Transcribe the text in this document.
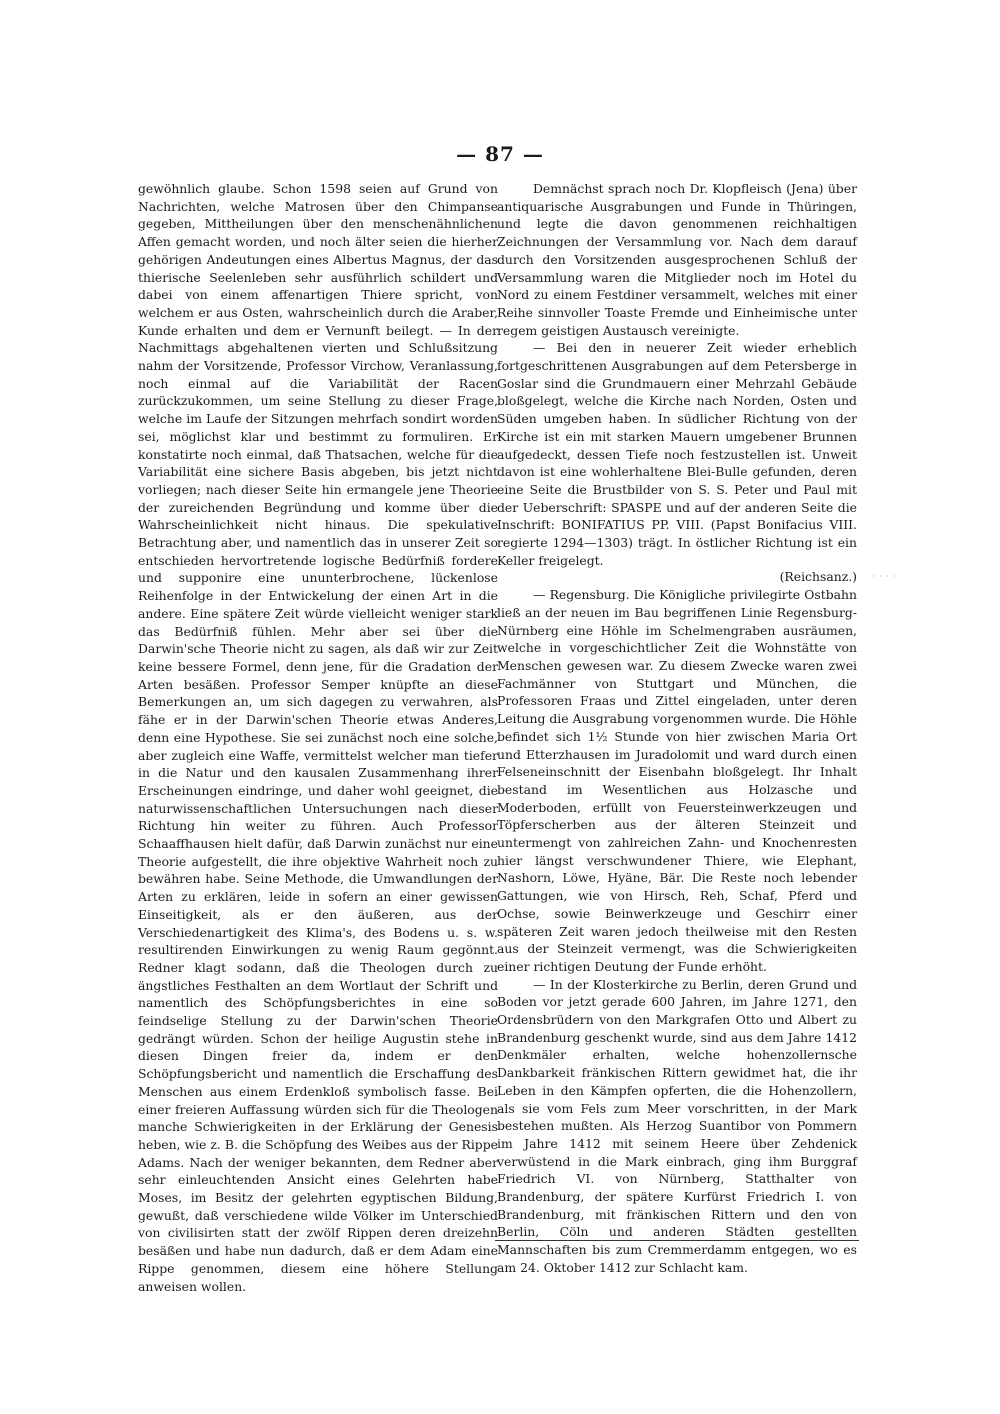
— 87 —

gewöhnlich glaube. Schon 1598 seien auf Grund von Nachrichten, welche Matrosen über den Chimpanse gegeben, Mittheilungen über den menschenähnlichen Affen gemacht worden, und noch älter seien die hierher gehörigen Andeutungen eines Albertus Magnus, der das thierische Seelenleben sehr ausführlich schildert und dabei von einem affenartigen Thiere spricht, von welchem er aus Osten, wahrscheinlich durch die Araber, Kunde erhalten und dem er Vernunft beilegt. — In der Nachmittags abgehaltenen vierten und Schlußsitzung nahm der Vorsitzende, Professor Virchow, Veranlassung, noch einmal auf die Variabilität der Racen zurückzukommen, um seine Stellung zu dieser Frage, welche im Laufe der Sitzungen mehrfach sondirt worden sei, möglichst klar und bestimmt zu formuliren. Er konstatirte noch einmal, daß Thatsachen, welche für die Variabilität eine sichere Basis abgeben, bis jetzt nicht vorliegen; nach dieser Seite hin ermangele jene Theorie der zureichenden Begründung und komme über die Wahrscheinlichkeit nicht hinaus. Die spekulative Betrachtung aber, und namentlich das in unserer Zeit so entschieden hervortretende logische Bedürfniß fordere und supponire eine ununterbrochene, lückenlose Reihenfolge in der Entwickelung der einen Art in die andere. Eine spätere Zeit würde vielleicht weniger stark das Bedürfniß fühlen. Mehr aber sei über die Darwin'sche Theorie nicht zu sagen, als daß wir zur Zeit keine bessere Formel, denn jene, für die Gradation der Arten besäßen. Professor Semper knüpfte an diese Bemerkungen an, um sich dagegen zu verwahren, als fähe er in der Darwin'schen Theorie etwas Anderes, denn eine Hypothese. Sie sei zunächst noch eine solche, aber zugleich eine Waffe, vermittelst welcher man tiefer in die Natur und den kausalen Zusammenhang ihrer Erscheinungen eindringe, und daher wohl geeignet, die naturwissenschaftlichen Untersuchungen nach dieser Richtung hin weiter zu führen. Auch Professor Schaaffhausen hielt dafür, daß Darwin zunächst nur eine Theorie aufgestellt, die ihre objektive Wahrheit noch zu bewähren habe. Seine Methode, die Umwandlungen der Arten zu erklären, leide in sofern an einer gewissen Einseitigkeit, als er den äußeren, aus der Verschiedenartigkeit des Klima's, des Bodens u. s. w. resultirenden Einwirkungen zu wenig Raum gegönnt. Redner klagt sodann, daß die Theologen durch zu ängstliches Festhalten an dem Wortlaut der Schrift und namentlich des Schöpfungsberichtes in eine so feindselige Stellung zu der Darwin'schen Theorie gedrängt würden. Schon der heilige Augustin stehe in diesen Dingen freier da, indem er den Schöpfungsbericht und namentlich die Erschaffung des Menschen aus einem Erdenkloß symbolisch fasse. Bei einer freieren Auffassung würden sich für die Theologen manche Schwierigkeiten in der Erklärung der Genesis heben, wie z. B. die Schöpfung des Weibes aus der Rippe Adams. Nach der weniger bekannten, dem Redner aber sehr einleuchtenden Ansicht eines Gelehrten habe Moses, im Besitz der gelehrten egyptischen Bildung, gewußt, daß verschiedene wilde Völker im Unterschied von civilisirten statt der zwölf Rippen deren dreizehn besäßen und habe nun dadurch, daß er dem Adam eine Rippe genommen, diesem eine höhere Stellung anweisen wollen.

Demnächst sprach noch Dr. Klopfleisch (Jena) über antiquarische Ausgrabungen und Funde in Thüringen, und legte die davon genommenen reichhaltigen Zeichnungen der Versammlung vor. Nach dem darauf durch den Vorsitzenden ausgesprochenen Schluß der Versammlung waren die Mitglieder noch im Hotel du Nord zu einem Festdiner versammelt, welches mit einer Reihe sinnvoller Toaste Fremde und Einheimische unter regem geistigen Austausch vereinigte.

— Bei den in neuerer Zeit wieder erheblich fortgeschrittenen Ausgrabungen auf dem Petersberge in Goslar sind die Grundmauern einer Mehrzahl Gebäude bloßgelegt, welche die Kirche nach Norden, Osten und Süden umgeben haben. In südlicher Richtung von der Kirche ist ein mit starken Mauern umgebener Brunnen aufgedeckt, dessen Tiefe noch festzustellen ist. Unweit davon ist eine wohlerhaltene Blei-Bulle gefunden, deren eine Seite die Brustbilder von S. S. Peter und Paul mit der Ueberschrift: SPASPE und auf der anderen Seite die Inschrift: BONIFATIUS PP. VIII. (Papst Bonifacius VIII. regierte 1294—1303) trägt. In östlicher Richtung ist ein Keller freigelegt.

(Reichsanz.)

— Regensburg. Die Königliche privilegirte Ostbahn ließ an der neuen im Bau begriffenen Linie Regensburg-Nürnberg eine Höhle im Schelmengraben ausräumen, welche in vorgeschichtlicher Zeit die Wohnstätte von Menschen gewesen war. Zu diesem Zwecke waren zwei Fachmänner von Stuttgart und München, die Professoren Fraas und Zittel eingeladen, unter deren Leitung die Ausgrabung vorgenommen wurde. Die Höhle befindet sich 1½ Stunde von hier zwischen Maria Ort und Etterzhausen im Juradolomit und ward durch einen Felseneinschnitt der Eisenbahn bloßgelegt. Ihr Inhalt bestand im Wesentlichen aus Holzasche und Moderboden, erfüllt von Feuersteinwerkzeugen und Töpferscherben aus der älteren Steinzeit und untermengt von zahlreichen Zahn- und Knochenresten hier längst verschwundener Thiere, wie Elephant, Nashorn, Löwe, Hyäne, Bär. Die Reste noch lebender Gattungen, wie von Hirsch, Reh, Schaf, Pferd und Ochse, sowie Beinwerkzeuge und Geschirr einer späteren Zeit waren jedoch theilweise mit den Resten aus der Steinzeit vermengt, was die Schwierigkeiten einer richtigen Deutung der Funde erhöht.

— In der Klosterkirche zu Berlin, deren Grund und Boden vor jetzt gerade 600 Jahren, im Jahre 1271, den Ordensbrüdern von den Markgrafen Otto und Albert zu Brandenburg geschenkt wurde, sind aus dem Jahre 1412 Denkmäler erhalten, welche hohenzollernsche Dankbarkeit fränkischen Rittern gewidmet hat, die ihr Leben in den Kämpfen opferten, die die Hohenzollern, als sie vom Fels zum Meer vorschritten, in der Mark bestehen mußten. Als Herzog Suantibor von Pommern im Jahre 1412 mit seinem Heere über Zehdenick verwüstend in die Mark einbrach, ging ihm Burggraf Friedrich VI. von Nürnberg, Statthalter von Brandenburg, der spätere Kurfürst Friedrich I. von Brandenburg, mit fränkischen Rittern und den von Berlin, Cöln und anderen Städten gestellten Mannschaften bis zum Cremmerdamm entgegen, wo es am 24. Oktober 1412 zur Schlacht kam.

· · · ·
